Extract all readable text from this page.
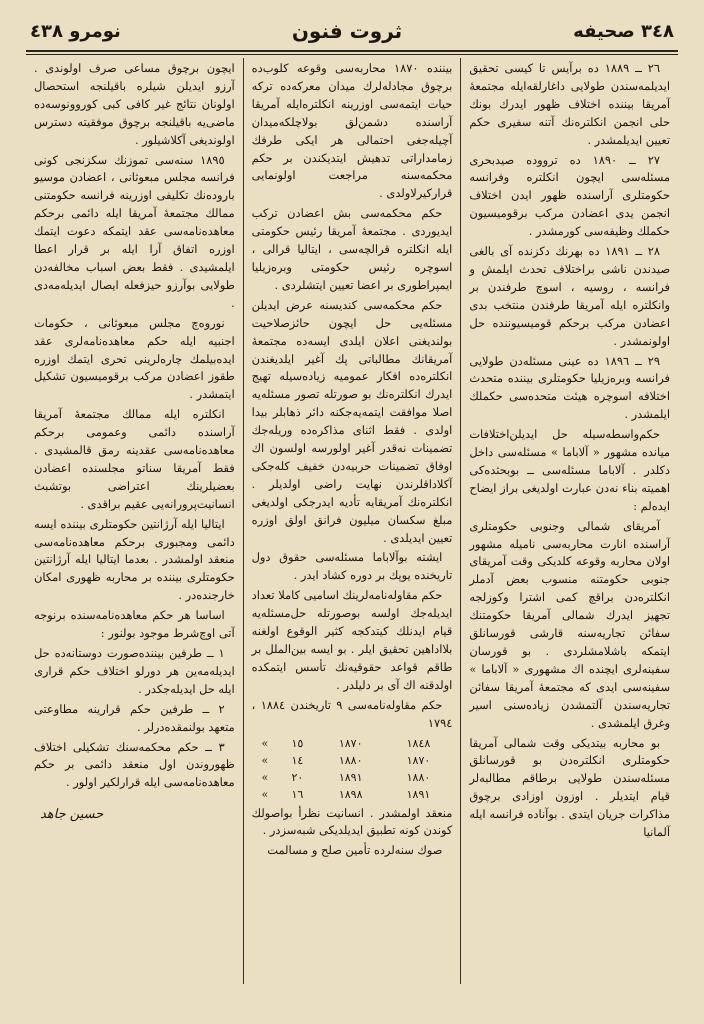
نومرو ٤٣٨	ثروت فنون	٣٤٨ صحيفه

٢٦ ــ ١٨٨٩ ده برآيس تا كيسى تحقيق ايديلمه‌سندن طولايى داغارلقه‌ايله مجتمعه‌ٔ آمريقا بيننده اختلاف ظهور ايدرك بونك حلى انجمن انكلتره‌نك آتنه سفيرى حكم تعيين ايديلمشدر .

٢٧ ــ ١٨٩٠ ده ترووده صيدبحرى مسئله‌سى ايچون انكلتره وفرانسه حكومتلرى آراسنده ظهور ايدن اختلاف انجمن يدى اعضادن مركب برقوميسيون حكملك وظيفه‌سى كورمشدر .

٢٨ ــ ١٨٩١ ده بهرنك دكزنده آى بالغى صيدندن ناشى براختلاف تحدث ايلمش و فرانسه ، روسيه ، اسوچ طرفندن بر وانكلتره ايله آمريقا طرفندن منتخب بدى اعضادن مركب برحكم قوميسيوننده حل اولونمشدر .

٢٩ ــ ١٨٩٦ ده عينى مسئله‌دن طولايى فرانسه وبرەزيليا حكومتلرى بيننده متحدث اختلافه اسوچره هيئت متحده‌سى حكملك ايلمشدر .

حكم‌واسطه‌سيله حل ايديلن‌اختلافات ميانده مشهور « آلاباما » مسئله‌سى داخل دكلدر . آلاباما مسئله‌سى ــ بوبحثدەكى اهميته بناء نەدن عبارت اولديغى براز ايضاح ايدەلم :

آمريقاى شمالى وجنوبى حكومتلرى آراسنده انارت محاربه‌سى ناميله مشهور اولان محاربه وقوعه كلديكى وقت آمريقاى جنوبى حكومتنه منسوب بعض آدملر انكلتره‌دن براقچ كمى اشترا وكوزلجه تجهيز ايدرك شمالى آمريقا حكومتنك سفائن تجاريه‌سنه قارشى قورسانلق ايتمكه باشلامشلردى . بو قورسان سفينه‌لرى ايچنده اك مشهورى « آلاباما » سفينه‌سى ايدى كه مجتمعه‌ٔ آمريقا سفائن تجاريه‌سندن آلتمشدن زياده‌سنى اسير وغرق ايلمشدى .

بو محاربه بيتديكى وقت شمالى آمريقا حكومتلرى انكلتره‌دن بو قورسانلق مسئله‌سندن طولايى برطاقم مطالبه‌لر قيام ايتديلر . اوزون اوزادى برچوق مذاكرات جريان ايتدى . بوآناده فرانسه ايله آلمانيا

بيننده ١٨٧٠ محاربه‌سى وقوعه كلوب‌ده برچوق مجادله‌لرك ميدان معركه‌ده تركه حيات ايتمه‌سى اوزرينه انكلتره‌ايله آمريقا آراسنده دشمن‌لق بولاچلكه‌ميدان آچيله‌جغى احتمالى هر ايكى طرفك زمامداراتى تدهيش ايتديكندن بر حكم محكمه‌سنه مراجعت اولونمايى قراركيرلاولدى .

حكم محكمه‌سى بش اعضادن تركب ايديوردى . مجتمعه‌ٔ آمريقا رئيس حكومتى ايله انكلتره قرالچه‌سى ، ايتاليا قرالى ، اسوچره رئيس حكومتى وبرەزيليا ايمپراطورى بر اعضا تعيين ايتشلردى .

حكم محكمه‌سى كنديسنه عرض ايديلن مسئله‌يى حل ايچون حائزصلاحيت بولنديغنى اعلان ايلدى ايسه‌ده مجتمعه‌ٔ آمريقانك مطالباتى پك آغير ايلديغندن انكلتره‌ده افكار عموميه زياده‌سيله تهيج ايدرك انكلتره‌نك بو صورتله تصور مسئله‌يه اصلا موافقت ايتمه‌يه‌جكنه دائر ذهابلر بيدا اولدى . فقط اثناى مذاكره‌ده وريله‌جك تضمينات نەقدر آغير اولورسه اولسون اك اوفاق تضمينات حربيه‌دن خفيف كله‌جكى آكلاداقلرندن نهايت راضى اولديلر . انكلتره‌نك آمريقايه تأديه ايدرجكى اولديغى مبلغ سكسان ميليون فرانق اولق اوزره تعيين ايديلدى .

ايشته بوآلاباما مسئله‌سى حقوق دول تاريخنده يوپك بر دوره كشاد ايدر .

حكم مقاوله‌نامه‌لرينك اساميى كاملا تعداد ايديلەجك اولسه بوصورتله حل‌مسئله‌يه قيام ايدنلك كيتدكجه كثير الوقوع اولغنه بلااداهين تحقيق ايلر . بو ايسه بين‌الملل بر طاقم قواعد حقوقيه‌نك تأسس ايتمكده اولدقنه اك آى بر دليلدر .

حكم مقاوله‌نامه‌سى ٩ تاريخندن ١٨٨٤ ، ١٧٩٤

١٨٤٨	١٨٧٠	١٥	»
١٨٧٠	١٨٨٠	١٤	»
١٨٨٠	١٨٩١	٢٠	»
١٨٩١	١٨٩٨	١٦	»

منعقد اولمشدر . انسانيت نظرأ بواصولك كوندن كونه تطبيق ايديلديكى شبه‌سزدر .

صوك سنەلرده تأمين صلح و مسالمت

ايچون برچوق مساعى صرف اولوندى . آرزو ايديلن شيلره باقيلنجه استحصال اولونان نتائج غير كافى كبى كوروونوسەده ماضى‌يه باقيلنجه برچوق موفقيته دسترس اولونديغى آكلاشيلور .

١٨٩٥ سنه‌سى تموزنك سكزنجى كونى فرانسه مجلس مبعوثانى ، اعضادن موسيو بارودەنك تكليفى اوزرينه فرانسه حكومتنى ممالك مجتمعه‌ٔ آمريقا ايله دائمى برحكم معاهده‌نامه‌سى عقد ايتمكه دعوت ايتمك اوزره اتفاق آرا ايله بر قرار اعطا ايلمشيدى . فقط بعض اسباب مخالفەدن طولايى بوآرزو حيزفعله ايصال ايديلەمەدى .

نوروەچ مجلس مبعوثانى ، حكومات اجنبيه ايله حكم معاهده‌نامه‌لرى عقد ايده‌بيلمك چارەلرينى تحرى ايتمك اوزره طقوز اعضادن مركب برقوميسيون تشكيل ايتمشدر .

انكلتره ايله ممالك مجتمعه‌ٔ آمريقا آراسنده دائمى وعمومى برحكم معاهده‌نامه‌سى عقدينه رمق قالمشيدى . فقط آمريقا سناتو مجلسنده اعضادن بعضيلرينك اعتراضى بوتشبث انسانيت‌پرورانه‌يى عقيم براقدى .

ايتاليا ايله آرژانتين حكومتلرى بيننده ايسه دائمى ومجبورى برحكم معاهده‌نامه‌سى منعقد اولمشدر . بعدما ايتاليا ايله آرژانتين حكومتلرى بيننده بر محاربه ظهورى امكان خارجنده‌در .

اساسا هر حكم معاهده‌نامه‌سنده برنوجه آتى اوچ‌شرط موجود بولنور :

١ ــ طرفين بيننده‌صورت دوستانه‌ده حل ايديلەمەين هر دورلو اختلاف حكم قرارى ايله حل ايديلەجكدر .

٢ ــ طرفين حكم قرارينه مطاوعتى متعهد بولنمقده‌درلر .

٣ ــ حكم محكمه‌سنك تشكيلى اختلاف ظهوروندن اول منعقد دائمى بر حكم معاهده‌نامه‌سى ايله قرارلكير اولور .

حسين جاهد
